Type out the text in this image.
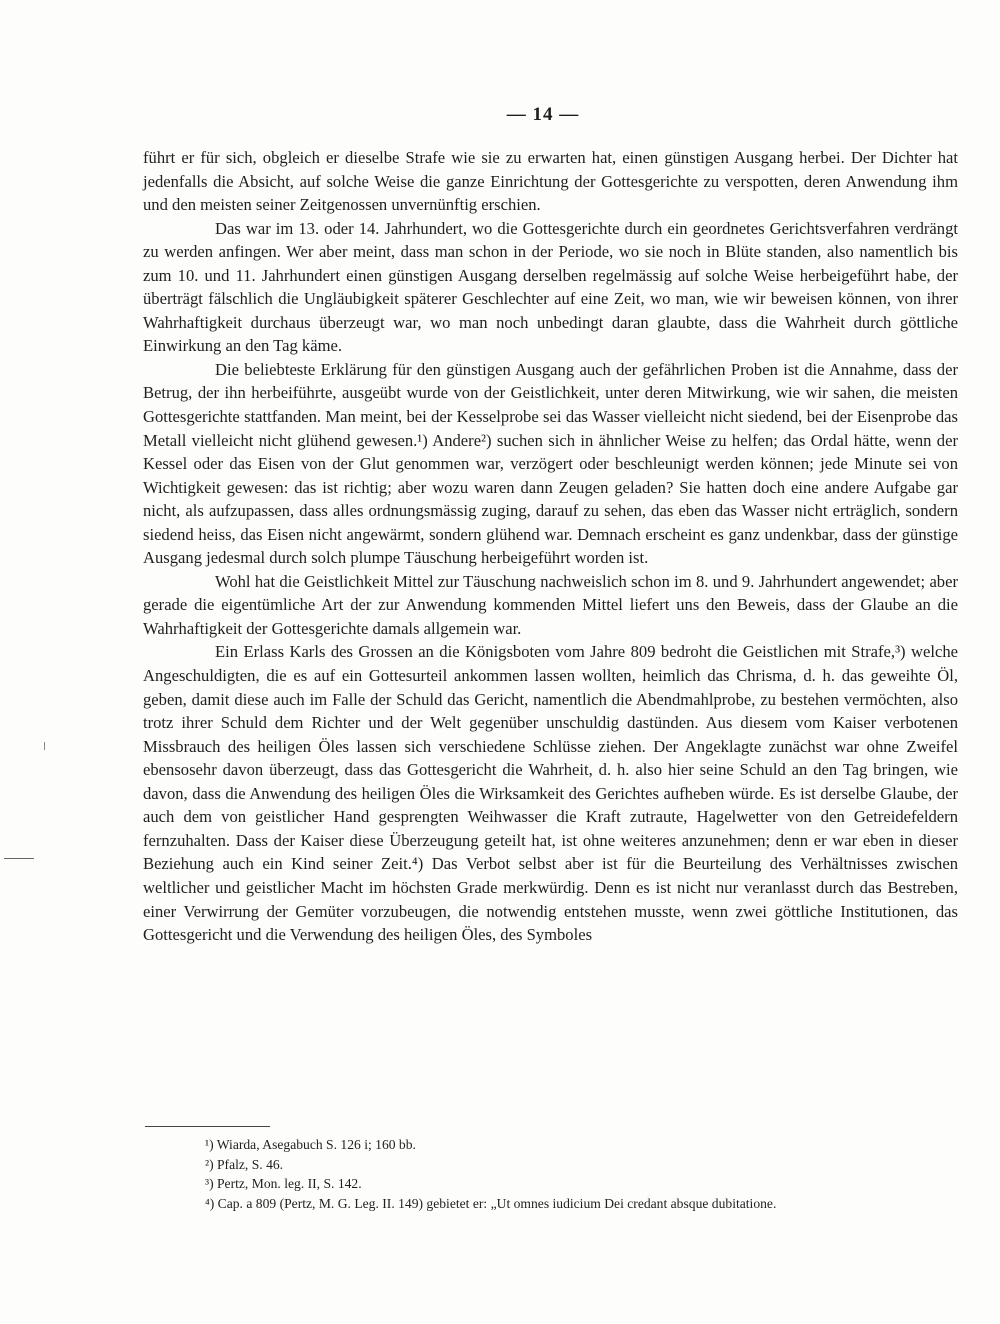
— 14 —

führt er für sich, obgleich er dieselbe Strafe wie sie zu erwarten hat, einen günstigen Ausgang herbei. Der Dichter hat jedenfalls die Absicht, auf solche Weise die ganze Einrichtung der Gottesgerichte zu verspotten, deren Anwendung ihm und den meisten seiner Zeitgenossen unvernünftig erschien.

Das war im 13. oder 14. Jahrhundert, wo die Gottesgerichte durch ein geordnetes Gerichtsverfahren verdrängt zu werden anfingen. Wer aber meint, dass man schon in der Periode, wo sie noch in Blüte standen, also namentlich bis zum 10. und 11. Jahrhundert einen günstigen Ausgang derselben regelmässig auf solche Weise herbeigeführt habe, der überträgt fälschlich die Ungläubigkeit späterer Geschlechter auf eine Zeit, wo man, wie wir beweisen können, von ihrer Wahrhaftigkeit durchaus überzeugt war, wo man noch unbedingt daran glaubte, dass die Wahrheit durch göttliche Einwirkung an den Tag käme.

Die beliebteste Erklärung für den günstigen Ausgang auch der gefährlichen Proben ist die Annahme, dass der Betrug, der ihn herbeiführte, ausgeübt wurde von der Geistlichkeit, unter deren Mitwirkung, wie wir sahen, die meisten Gottesgerichte stattfanden. Man meint, bei der Kesselprobe sei das Wasser vielleicht nicht siedend, bei der Eisenprobe das Metall vielleicht nicht glühend gewesen.¹) Andere²) suchen sich in ähnlicher Weise zu helfen; das Ordal hätte, wenn der Kessel oder das Eisen von der Glut genommen war, verzögert oder beschleunigt werden können; jede Minute sei von Wichtigkeit gewesen: das ist richtig; aber wozu waren dann Zeugen geladen? Sie hatten doch eine andere Aufgabe gar nicht, als aufzupassen, dass alles ordnungsmässig zuging, darauf zu sehen, das eben das Wasser nicht erträglich, sondern siedend heiss, das Eisen nicht angewärmt, sondern glühend war. Demnach erscheint es ganz undenkbar, dass der günstige Ausgang jedesmal durch solch plumpe Täuschung herbeigeführt worden ist.

Wohl hat die Geistlichkeit Mittel zur Täuschung nachweislich schon im 8. und 9. Jahrhundert angewendet; aber gerade die eigentümliche Art der zur Anwendung kommenden Mittel liefert uns den Beweis, dass der Glaube an die Wahrhaftigkeit der Gottesgerichte damals allgemein war.

Ein Erlass Karls des Grossen an die Königsboten vom Jahre 809 bedroht die Geistlichen mit Strafe,³) welche Angeschuldigten, die es auf ein Gottesurteil ankommen lassen wollten, heimlich das Chrisma, d. h. das geweihte Öl, geben, damit diese auch im Falle der Schuld das Gericht, namentlich die Abendmahlprobe, zu bestehen vermöchten, also trotz ihrer Schuld dem Richter und der Welt gegenüber unschuldig dastünden. Aus diesem vom Kaiser verbotenen Missbrauch des heiligen Öles lassen sich verschiedene Schlüsse ziehen. Der Angeklagte zunächst war ohne Zweifel ebensosehr davon überzeugt, dass das Gottesgericht die Wahrheit, d. h. also hier seine Schuld an den Tag bringen, wie davon, dass die Anwendung des heiligen Öles die Wirksamkeit des Gerichtes aufheben würde. Es ist derselbe Glaube, der auch dem von geistlicher Hand gesprengten Weihwasser die Kraft zutraute, Hagelwetter von den Getreidefeldern fernzuhalten. Dass der Kaiser diese Überzeugung geteilt hat, ist ohne weiteres anzunehmen; denn er war eben in dieser Beziehung auch ein Kind seiner Zeit.⁴) Das Verbot selbst aber ist für die Beurteilung des Verhältnisses zwischen weltlicher und geistlicher Macht im höchsten Grade merkwürdig. Denn es ist nicht nur veranlasst durch das Bestreben, einer Verwirrung der Gemüter vorzubeugen, die notwendig entstehen musste, wenn zwei göttliche Institutionen, das Gottesgericht und die Verwendung des heiligen Öles, des Symboles

¹) Wiarda, Asegabuch S. 126 i; 160 bb.
²) Pfalz, S. 46.
³) Pertz, Mon. leg. II, S. 142.
⁴) Cap. a 809 (Pertz, M. G. Leg. II. 149) gebietet er: „Ut omnes iudicium Dei credant absque dubitatione.
